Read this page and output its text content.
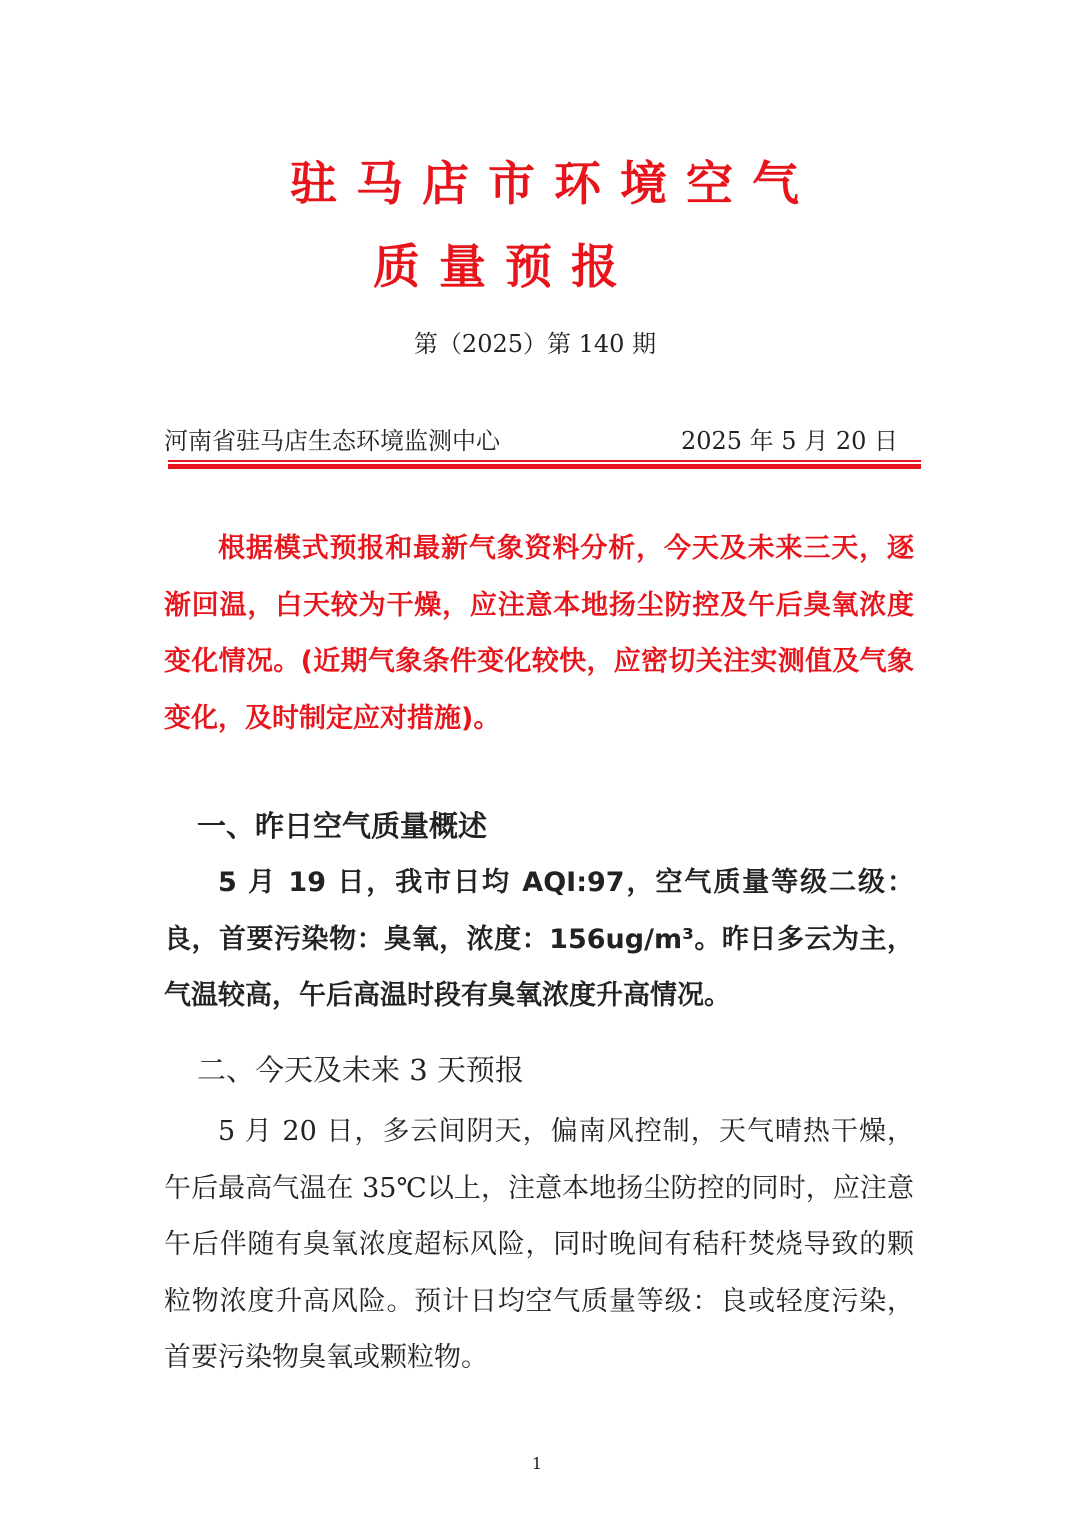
驻马店市环境空气
质量预报
第（2025）第 140 期
河南省驻马店生态环境监测中心	2025 年 5 月 20 日
根据模式预报和最新气象资料分析，今天及未来三天，逐渐回温，白天较为干燥，应注意本地扬尘防控及午后臭氧浓度变化情况。(近期气象条件变化较快，应密切关注实测值及气象变化，及时制定应对措施)。
一、昨日空气质量概述
5 月 19 日，我市日均 AQI:97，空气质量等级二级：良，首要污染物：臭氧，浓度：156ug/m³。昨日多云为主，气温较高，午后高温时段有臭氧浓度升高情况。
二、今天及未来 3 天预报
5 月 20 日，多云间阴天，偏南风控制，天气晴热干燥，午后最高气温在 35℃以上，注意本地扬尘防控的同时，应注意午后伴随有臭氧浓度超标风险，同时晚间有秸秆焚烧导致的颗粒物浓度升高风险。预计日均空气质量等级：良或轻度污染，首要污染物臭氧或颗粒物。
1
